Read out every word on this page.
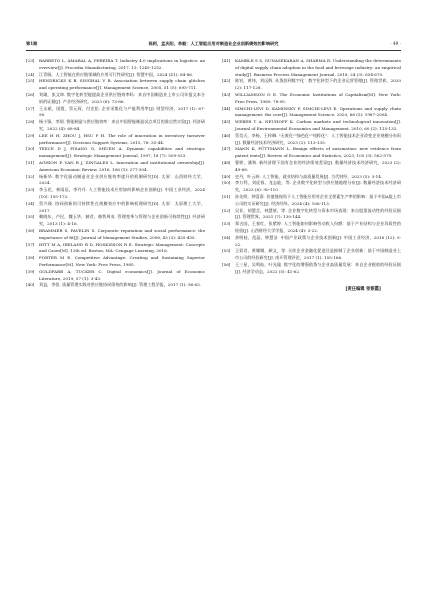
第1期	陈阿，孟庆阳，李毅：人工智能应用对制造业企业创新绩效的影响研究	· 49 ·

[23] BARRETO L, AMARAL A, PEREIRA T. Industry 4.0 implications in logistics: an overview[J]. Procedia Manufacturing, 2017, 13: 1245-1252.

[24] 江青瑞，人工智能在供应链领域的应用可行性研究[J]. 智慧中国，2024 (Z1): 84-86.

[25] HENDRICKS K B, SINGHAL V R. Association between supply chain glitches and operating performance[J]. Management Science, 2005, 51 (5): 695-711.

[26] 刘箴，张文坤. 数字化转型能提高企业供应链效率吗：来自中国制造业上市公司年报文本分析的证据[J]. 产业经济研究，2023 (6): 73-86.

[27] 王永斌，国霞，蔡元琛，付克伦. 企业采集化与产能利用率[J]. 财贸经济，2017 (1): 67-90.

[28] 杨小锋，李翔. 智能制造与供应链效率：来自中国智能制造试点项目的准自然实验[J]. 经济研究，2022 (4): 68-84.

[29] LEE H H, ZHOU J, HSU P H. The role of innovation in inventory turnover performance[J]. Decision Support Systems, 2015, 76: 35-44.

[30] TEECE D J, PISANO G, SHUEN A. Dynamic capabilities and strategic management[J]. Strategic Management Journal, 1997, 18 (7): 509-533.

[31] AGHION P, VAN R J, ZINGALES L. Innovation and institutional ownership[J]. American Economic Review, 2016, 106 (1): 277-304.

[32] 杨新华. 数字化驱动制造业企业供应链效率提升的机制研究[D]. 太原：山西财经大学，2024.

[33] 李玉花，林雨辰，李丹丹. 人工智能技术应用如何影响企业创新[J]. 中国工业经济，2024 (10): 155-173.

[34] 蔡兴瑛. 协同创新的可持续性在规模效应中的影响机理研究[D]. 太原：太原理工大学，2017.

[35] 赖晓东，卢民，魏玉华，赫君，赫普周英. 管理变革与管理与企业创新可持续性[J]. 经济研究，2013 (1): 4-16.

[36] BRAMMER S, PAVELIN S. Corporate reputation and social performance: the importance of fit[J]. Journal of Management Studies, 2006, 43 (3): 435-455.

[37] HITT M A, IRELAND R D, HOSKISSON R E. Strategic Management: Concepts and Cases[M]. 12th ed. Boston, MA: Cengage Learning, 2016.

[38] PORTER M E. Competitive Advantage: Creating and Sustaining Superior Performance[M]. New York: Free Press, 1985.

[39] GOLDFARB A, TUCKER C. Digital economics[J]. Journal of Economic Literature, 2019, 57 (1): 3-43.

[40] 刘益，李恒. 质量管理实践对供应链协同绩效的影响[J]. 管理工程学报，2017 (1): 56-63.

[41] KAMBLE S S, GUNASEKARAN A, SHARMA R. Understanding the determinants of digital supply chain adoption in the food and beverage industry: an empirical study[J]. Business Process Management Journal, 2018, 24 (3): 654-670.

[42] 陈钊，黄炜，刘远辉. 从贷款到数字化：数字化转型下的企业运营管理[J]. 管理世界，2020 (2): 117-128.

[43] WILLIAMSON O E. The Economic Institutions of Capitalism[M]. New York: Free Press, 1985: 78-95.

[44] SIMCHI-LEVI D, KAMINSKY P, SIMCHI-LEVI E. Operations and supply chain management: the core[J]. Management Science, 2020, 66 (5): 1987-2004.

[45] WEBER T A, NEUHOFF K. Carbon markets and technological innovation[J]. Journal of Environmental Economics and Management, 2010, 60 (2): 115-132.

[46] 蔡昊天，李杨，王梓琳. "无废化""绿色化""纯粹化"：人工智能技术企业改变企业规模分布吗[J]. 数量经济技术经济研究，2023 (2): 113-135.

[47] MANN K, PÜTTMANN L. Benign effects of automation: new evidence from patent texts[J]. Review of Economics and Statistics, 2023, 105 (3): 562-579.

[48] 曹婷，潘和. 新经济理下国有企业的经济绩效差异[J]. 数量经济技术经济研究，2023 (2): 49-68.

[49] 史丹，叶云岭. 人工智能、就业结构与高质量发展[J]. 当代财经，2023 (5): 3-14.

[50] 李万利，刘虎春，龙志能，等. 企业数字化转型与供应链地理分布[J]. 数量经济技术经济研究，2023 (8): 90-110.

[51] 孙先明，钟喜嘉. 价值链视角下人工智能应用对企业全要素生产率的影响：基于中国A股上市公司的实证研究[J]. 经济经纬，2024 (4): 106-113.

[52] 吴非，胡慧芷，林慧妍，等. 企业数字化转型与资本市场表现：来自股票流动性的经验证据[J]. 管理世界，2021 (7): 130-144.

[53] 郑吉国，王春红，张紫婷. 人工智能如何影响劳动收入份额：基于产业结构与企业异质性的检验[J]. 山西财经大学学报，2024 (4): 3-22.

[54] 余明桂，范蕊，钟慧洁. 中国产业政策与企业技术创新[J]. 中国工业经济，2016 (12): 5-22.

[55] 王彩君，黄娜娜，颜文，等. 买你企业金融化促进还是抑制了企业创新：基于中国制造业上市公司的经验研究[J]. 南开管理评论，2017 (1): 155-166.

[56] 王三星，吴鸣仙，叶光瑜. 数字化的增强借贷与企业高质量发展：来自企业税收的经验证据[J]. 经济学动态，2022 (5): 41-62.

[责任编辑 张银霞]
